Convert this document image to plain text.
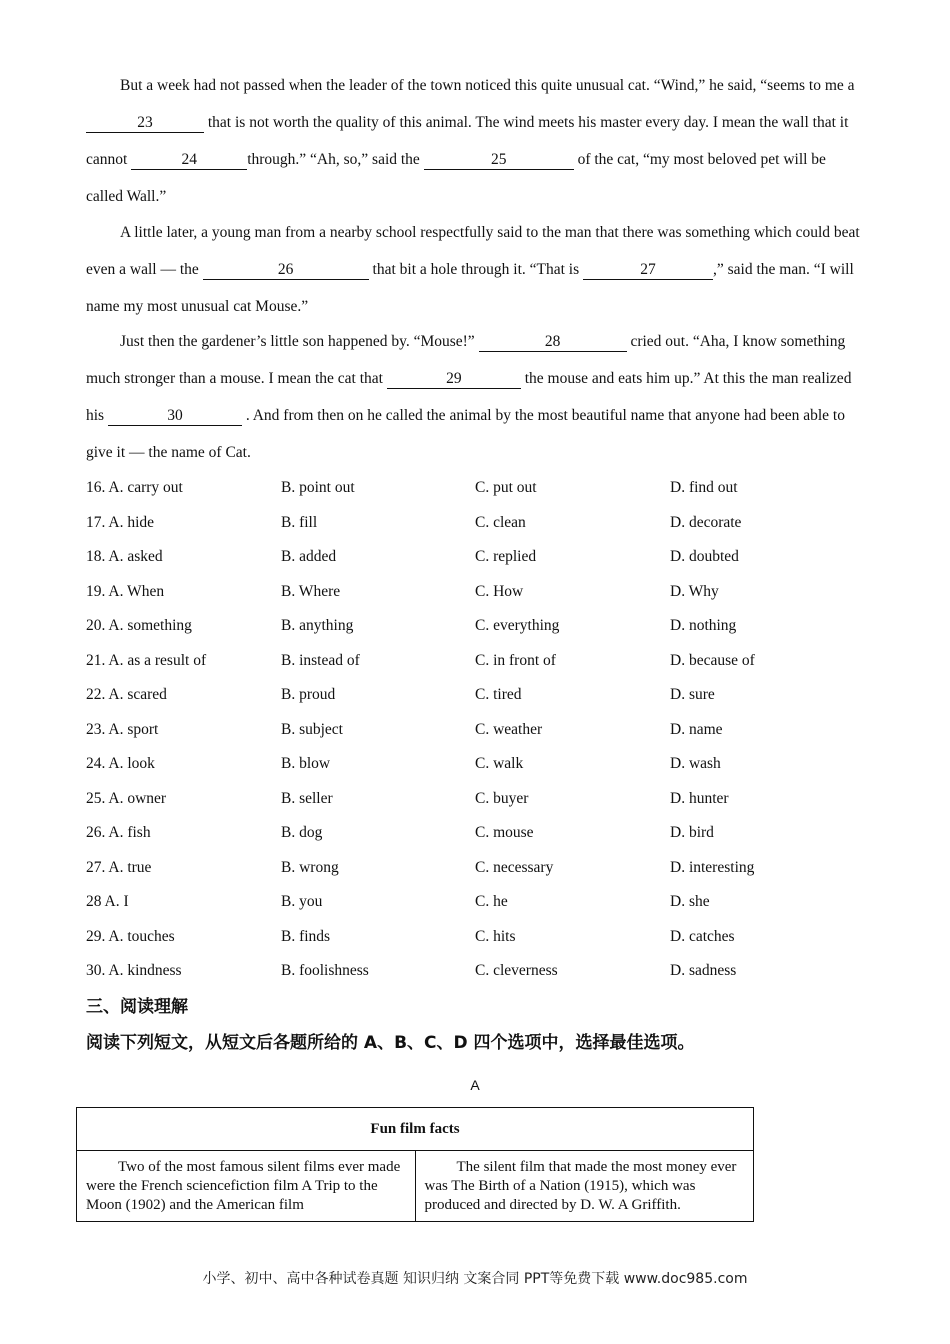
But a week had not passed when the leader of the town noticed this quite unusual cat. “Wind,” he said, “seems to me a 23	that is not worth the quality of this animal. The wind meets his master every day. I mean the wall that it cannot	24	through.” “Ah, so,” said the	25	of the cat, “my most beloved pet will be called Wall.”

A little later, a young man from a nearby school respectfully said to the man that there was something which could beat even a wall — the	26	that bit a hole through it. “That is	27	,” said the man. “I will name my most unusual cat Mouse.”

Just then the gardener’s little son happened by. “Mouse!”	28	cried out. “Aha, I know something much stronger than a mouse. I mean the cat that	29	the mouse and eats him up.” At this the man realized his	30	. And from then on he called the animal by the most beautiful name that anyone had been able to give it — the name of Cat.

16. A. carry out	B. point out	C. put out	D. find out
17. A. hide	B. fill	C. clean	D. decorate
18. A. asked	B. added	C. replied	D. doubted
19. A. When	B. Where	C. How	D. Why
20. A. something	B. anything	C. everything	D. nothing
21. A. as a result of	B. instead of	C. in front of	D. because of
22. A. scared	B. proud	C. tired	D. sure
23. A. sport	B. subject	C. weather	D. name
24. A. look	B. blow	C. walk	D. wash
25. A. owner	B. seller	C. buyer	D. hunter
26. A. fish	B. dog	C. mouse	D. bird
27. A. true	B. wrong	C. necessary	D. interesting
28 A. I	B. you	C. he	D. she
29. A. touches	B. finds	C. hits	D. catches
30. A. kindness	B. foolishness	C. cleverness	D. sadness
三、阅读理解
阅读下列短文，从短文后各题所给的 A、B、C、D 四个选项中，选择最佳选项。
A
Fun film facts
Two of the most famous silent films ever made were the French sciencefiction film A Trip to the Moon (1902) and the American film	The silent film that made the most money ever was The Birth of a Nation (1915), which was produced and directed by D. W. A Griffith.
小学、初中、高中各种试卷真题 知识归纳 文案合同 PPT等免费下载 www.doc985.com
